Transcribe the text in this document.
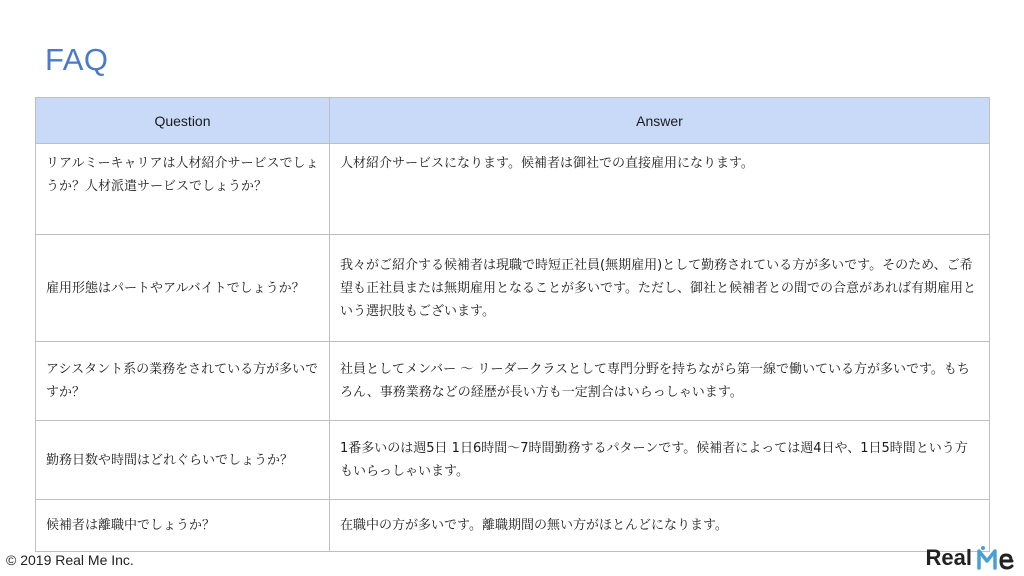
FAQ
Question	Answer
リアルミーキャリアは人材紹介サービスでしょうか？人材派遣サービスでしょうか？	人材紹介サービスになります。候補者は御社での直接雇用になります。
雇用形態はパートやアルバイトでしょうか？	我々がご紹介する候補者は現職で時短正社員(無期雇用)として勤務されている方が多いです。そのため、ご希望も正社員または無期雇用となることが多いです。ただし、御社と候補者との間での合意があれば有期雇用という選択肢もございます。
アシスタント系の業務をされている方が多いですか？	社員としてメンバー 〜 リーダークラスとして専門分野を持ちながら第一線で働いている方が多いです。もちろん、事務業務などの経歴が長い方も一定割合はいらっしゃいます。
勤務日数や時間はどれぐらいでしょうか？	1番多いのは週5日 1日6時間〜7時間勤務するパターンです。候補者によっては週4日や、1日5時間という方もいらっしゃいます。
候補者は離職中でしょうか？	在職中の方が多いです。離職期間の無い方がほとんどになります。
© 2019 Real Me Inc.	Real
